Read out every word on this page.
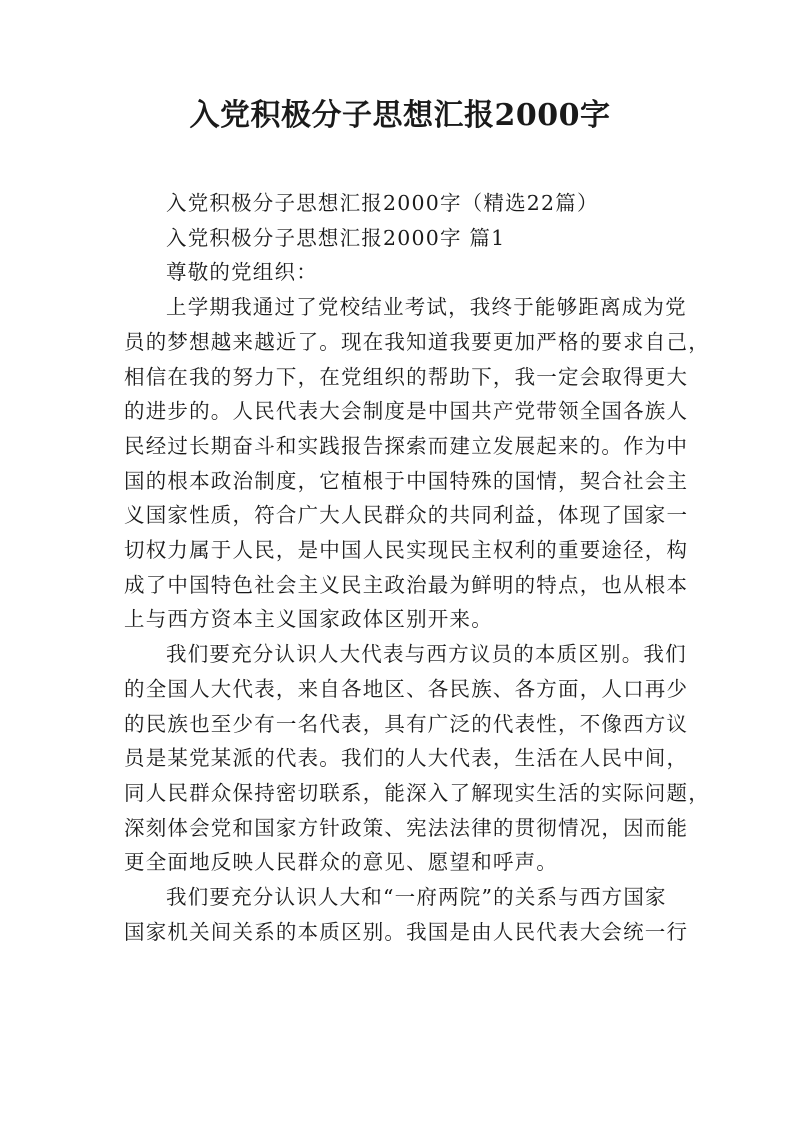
入党积极分子思想汇报2000字
入党积极分子思想汇报2000字（精选22篇）
入党积极分子思想汇报2000字 篇1
尊敬的党组织：
上学期我通过了党校结业考试，我终于能够距离成为党
员的梦想越来越近了。现在我知道我要更加严格的要求自己，
相信在我的努力下，在党组织的帮助下，我一定会取得更大
的进步的。人民代表大会制度是中国共产党带领全国各族人
民经过长期奋斗和实践报告探索而建立发展起来的。作为中
国的根本政治制度，它植根于中国特殊的国情，契合社会主
义国家性质，符合广大人民群众的共同利益，体现了国家一
切权力属于人民，是中国人民实现民主权利的重要途径，构
成了中国特色社会主义民主政治最为鲜明的特点，也从根本
上与西方资本主义国家政体区别开来。
我们要充分认识人大代表与西方议员的本质区别。我们
的全国人大代表，来自各地区、各民族、各方面，人口再少
的民族也至少有一名代表，具有广泛的代表性，不像西方议
员是某党某派的代表。我们的人大代表，生活在人民中间，
同人民群众保持密切联系，能深入了解现实生活的实际问题，
深刻体会党和国家方针政策、宪法法律的贯彻情况，因而能
更全面地反映人民群众的意见、愿望和呼声。
我们要充分认识人大和“一府两院”的关系与西方国家
国家机关间关系的本质区别。我国是由人民代表大会统一行
